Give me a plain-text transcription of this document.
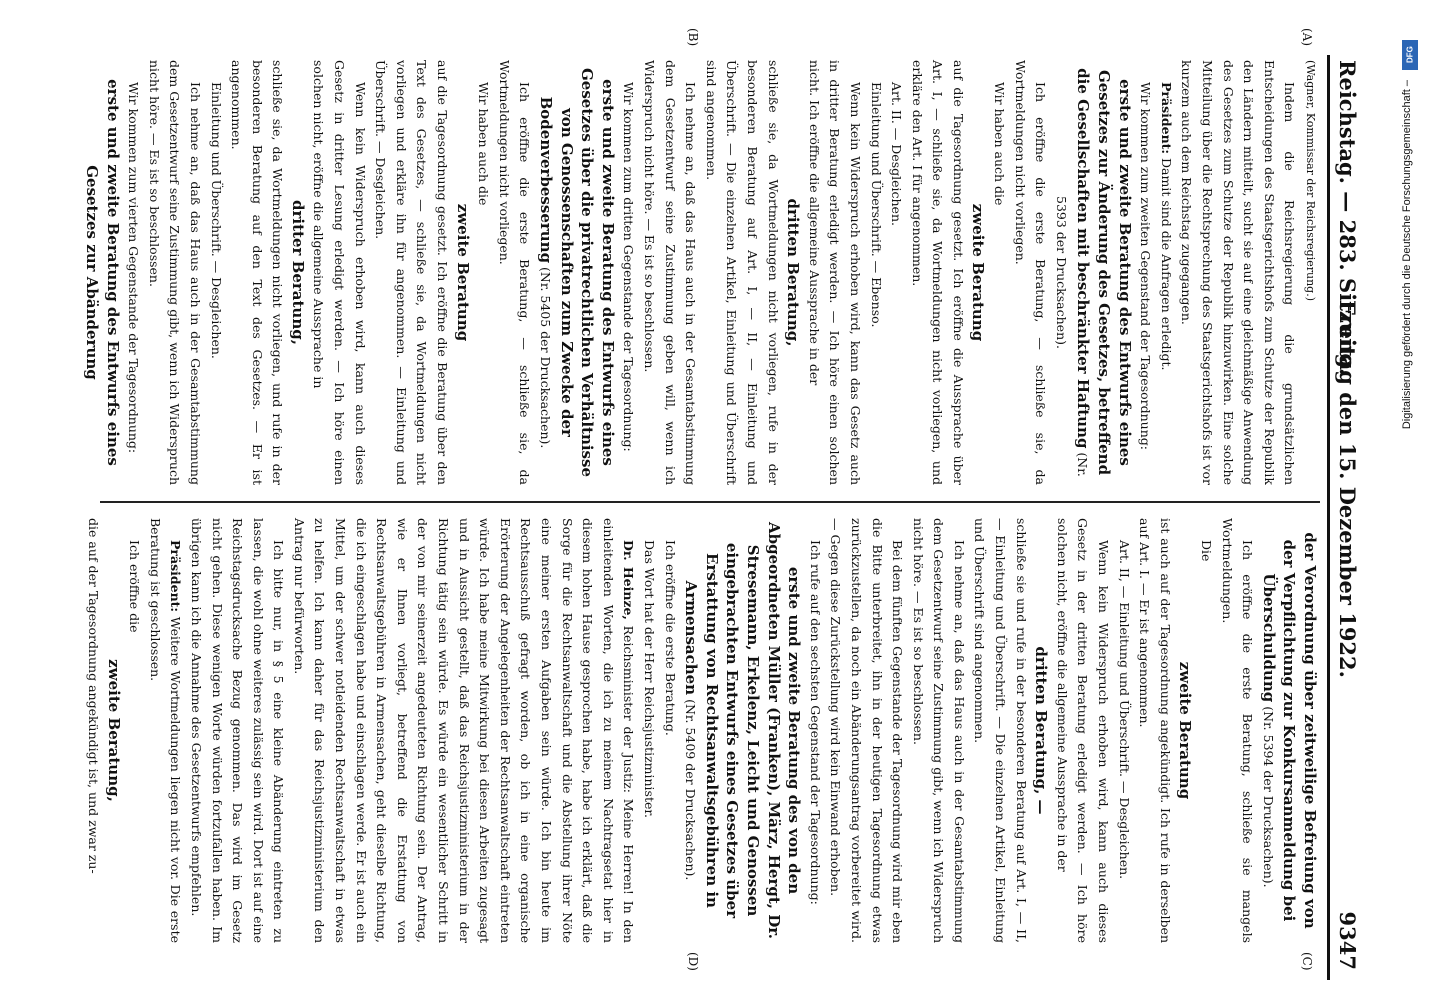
Reichstag. — 283. Sitzung.
Freitag den 15. Dezember 1922.
9347
(A)
(B)
(C)
(D)

(Wagner, Kommissar der Reichsregierung.)

Indem die Reichsregierung die grundsätzlichen Entscheidungen des Staatsgerichtshofs zum Schutze der Republik den Ländern mitteilt, sucht sie auf eine gleichmäßige Anwendung des Gesetzes zum Schutze der Republik hinzuwirken. Eine solche Mitteilung über die Rechtsprechung des Staatsgerichtshofs ist vor kurzem auch dem Reichstag zugegangen.

Präsident: Damit sind die Anfragen erledigt.

Wir kommen zum zweiten Gegenstand der Tagesordnung:

erste und zweite Beratung des Entwurfs eines Gesetzes zur Änderung des Gesetzes, betreffend die Gesellschaften mit beschränkter Haftung (Nr. 5393 der Drucksachen).

Ich eröffne die erste Beratung, — schließe sie, da Wortmeldungen nicht vorliegen.

Wir haben auch die

zweite Beratung

auf die Tagesordnung gesetzt. Ich eröffne die Aussprache über Art. I, — schließe sie, da Wortmeldungen nicht vorliegen, und erkläre den Art. I für angenommen.

Art. II. — Desgleichen.

Einleitung und Überschrift. — Ebenso.

Wenn kein Widerspruch erhoben wird, kann das Gesetz auch in dritter Beratung erledigt werden. — Ich höre einen solchen nicht. Ich eröffne die allgemeine Aussprache in der

dritten Beratung,

schließe sie, da Wortmeldungen nicht vorliegen, rufe in der besonderen Beratung auf Art. I, — II, — Einleitung und Überschrift. — Die einzelnen Artikel, Einleitung und Überschrift sind angenommen.

Ich nehme an, daß das Haus auch in der Gesamtabstimmung dem Gesetzentwurf seine Zustimmung geben will, wenn ich Widerspruch nicht höre. — Es ist so beschlossen.

Wir kommen zum dritten Gegenstande der Tagesordnung:

erste und zweite Beratung des Entwurfs eines Gesetzes über die privatrechtlichen Verhältnisse von Genossenschaften zum Zwecke der Bodenverbesserung (Nr. 5405 der Drucksachen).

Ich eröffne die erste Beratung, — schließe sie, da Wortmeldungen nicht vorliegen.

Wir haben auch die

zweite Beratung

auf die Tagesordnung gesetzt. Ich eröffne die Beratung über den Text des Gesetzes, — schließe sie, da Wortmeldungen nicht vorliegen und erkläre ihn für angenommen. — Einleitung und Überschrift. — Desgleichen.

Wenn kein Widerspruch erhoben wird, kann auch dieses Gesetz in dritter Lesung erledigt werden. — Ich höre einen solchen nicht, eröffne die allgemeine Aussprache in

dritter Beratung,

schließe sie, da Wortmeldungen nicht vorliegen, und rufe in der besonderen Beratung auf den Text des Gesetzes. — Er ist angenommen.

Einleitung und Überschrift. — Desgleichen.

Ich nehme an, daß das Haus auch in der Gesamtabstimmung dem Gesetzentwurf seine Zustimmung gibt, wenn ich Widerspruch nicht höre. — Es ist so beschlossen.

Wir kommen zum vierten Gegenstande der Tagesordnung:

erste und zweite Beratung des Entwurfs eines Gesetzes zur Abänderung

der Verordnung über zeitweilige Befreiung von der Verpflichtung zur Konkursanmeldung bei Überschuldung (Nr. 5394 der Drucksachen).

Ich eröffne die erste Beratung, schließe sie mangels Wortmeldungen.

Die

zweite Beratung

ist auch auf der Tagesordnung angekündigt. Ich rufe in derselben auf Art. I. — Er ist angenommen.

Art. II, — Einleitung und Überschrift. — Desgleichen.

Wenn kein Widerspruch erhoben wird, kann auch dieses Gesetz in der dritten Beratung erledigt werden. — Ich höre solchen nicht, eröffne die allgemeine Aussprache in der

dritten Beratung, —

schließe sie und rufe in der besonderen Beratung auf Art. I, — II, — Einleitung und Überschrift. — Die einzelnen Artikel, Einleitung und Überschrift sind angenommen.

Ich nehme an, daß das Haus auch in der Gesamtabstimmung dem Gesetzentwurf seine Zustimmung gibt, wenn ich Widerspruch nicht höre. — Es ist so beschlossen.

Bei dem fünften Gegenstande der Tagesordnung wird mir eben die Bitte unterbreitet, ihn in der heutigen Tagesordnung etwas zurückzustellen, da noch ein Abänderungsantrag vorbereitet wird. — Gegen diese Zurückstellung wird kein Einwand erhoben.

Ich rufe auf den sechsten Gegenstand der Tagesordnung:

erste und zweite Beratung des von den Abgeordneten Müller (Franken), März, Hergt, Dr. Stresemann, Erkelenz, Leicht und Genossen eingebrachten Entwurfs eines Gesetzes über Erstattung von Rechtsanwaltsgebühren in Armensachen (Nr. 5409 der Drucksachen).

Ich eröffne die erste Beratung.

Das Wort hat der Herr Reichsjustizminister.

Dr. Heinze, Reichsminister der Justiz: Meine Herren! In den einleitenden Worten, die ich zu meinem Nachtragsetat hier in diesem hohen Hause gesprochen habe, habe ich erklärt, daß die Sorge für die Rechtsanwaltschaft und die Abstellung ihrer Nöte eine meiner ersten Aufgaben sein würde. Ich bin heute im Rechtsausschuß gefragt worden, ob ich in eine organische Erörterung der Angelegenheiten der Rechtsanwaltschaft eintreten würde. Ich habe meine Mitwirkung bei diesen Arbeiten zugesagt und in Aussicht gestellt, daß das Reichsjustizministerium in der Richtung tätig sein würde. Es würde ein wesentlicher Schritt in der von mir seinerzeit angedeuteten Richtung sein. Der Antrag, wie er Ihnen vorliegt, betreffend die Erstattung von Rechtsanwaltsgebühren in Armensachen, geht dieselbe Richtung, die ich eingeschlagen habe und einschlagen werde. Er ist auch ein Mittel, um der schwer notleidenden Rechtsanwaltschaft in etwas zu helfen. Ich kann daher für das Reichsjustizministerium den Antrag nur befürworten.

Ich bitte nur, in § 5 eine kleine Abänderung eintreten zu lassen, die wohl ohne weiteres zulässig sein wird. Dort ist auf eine Reichstagsdrucksache Bezug genommen. Das wird im Gesetz nicht gehen. Diese wenigen Worte würden fortzufallen haben. Im übrigen kann ich die Annahme des Gesetzentwurfs empfehlen.

Präsident: Weitere Wortmeldungen liegen nicht vor. Die erste Beratung ist geschlossen.

Ich eröffne die

zweite Beratung,

die auf der Tagesordnung angekündigt ist, und zwar zu-

DFG
Digitalisierung gefördert durch die Deutsche Forschungsgemeinschaft –
